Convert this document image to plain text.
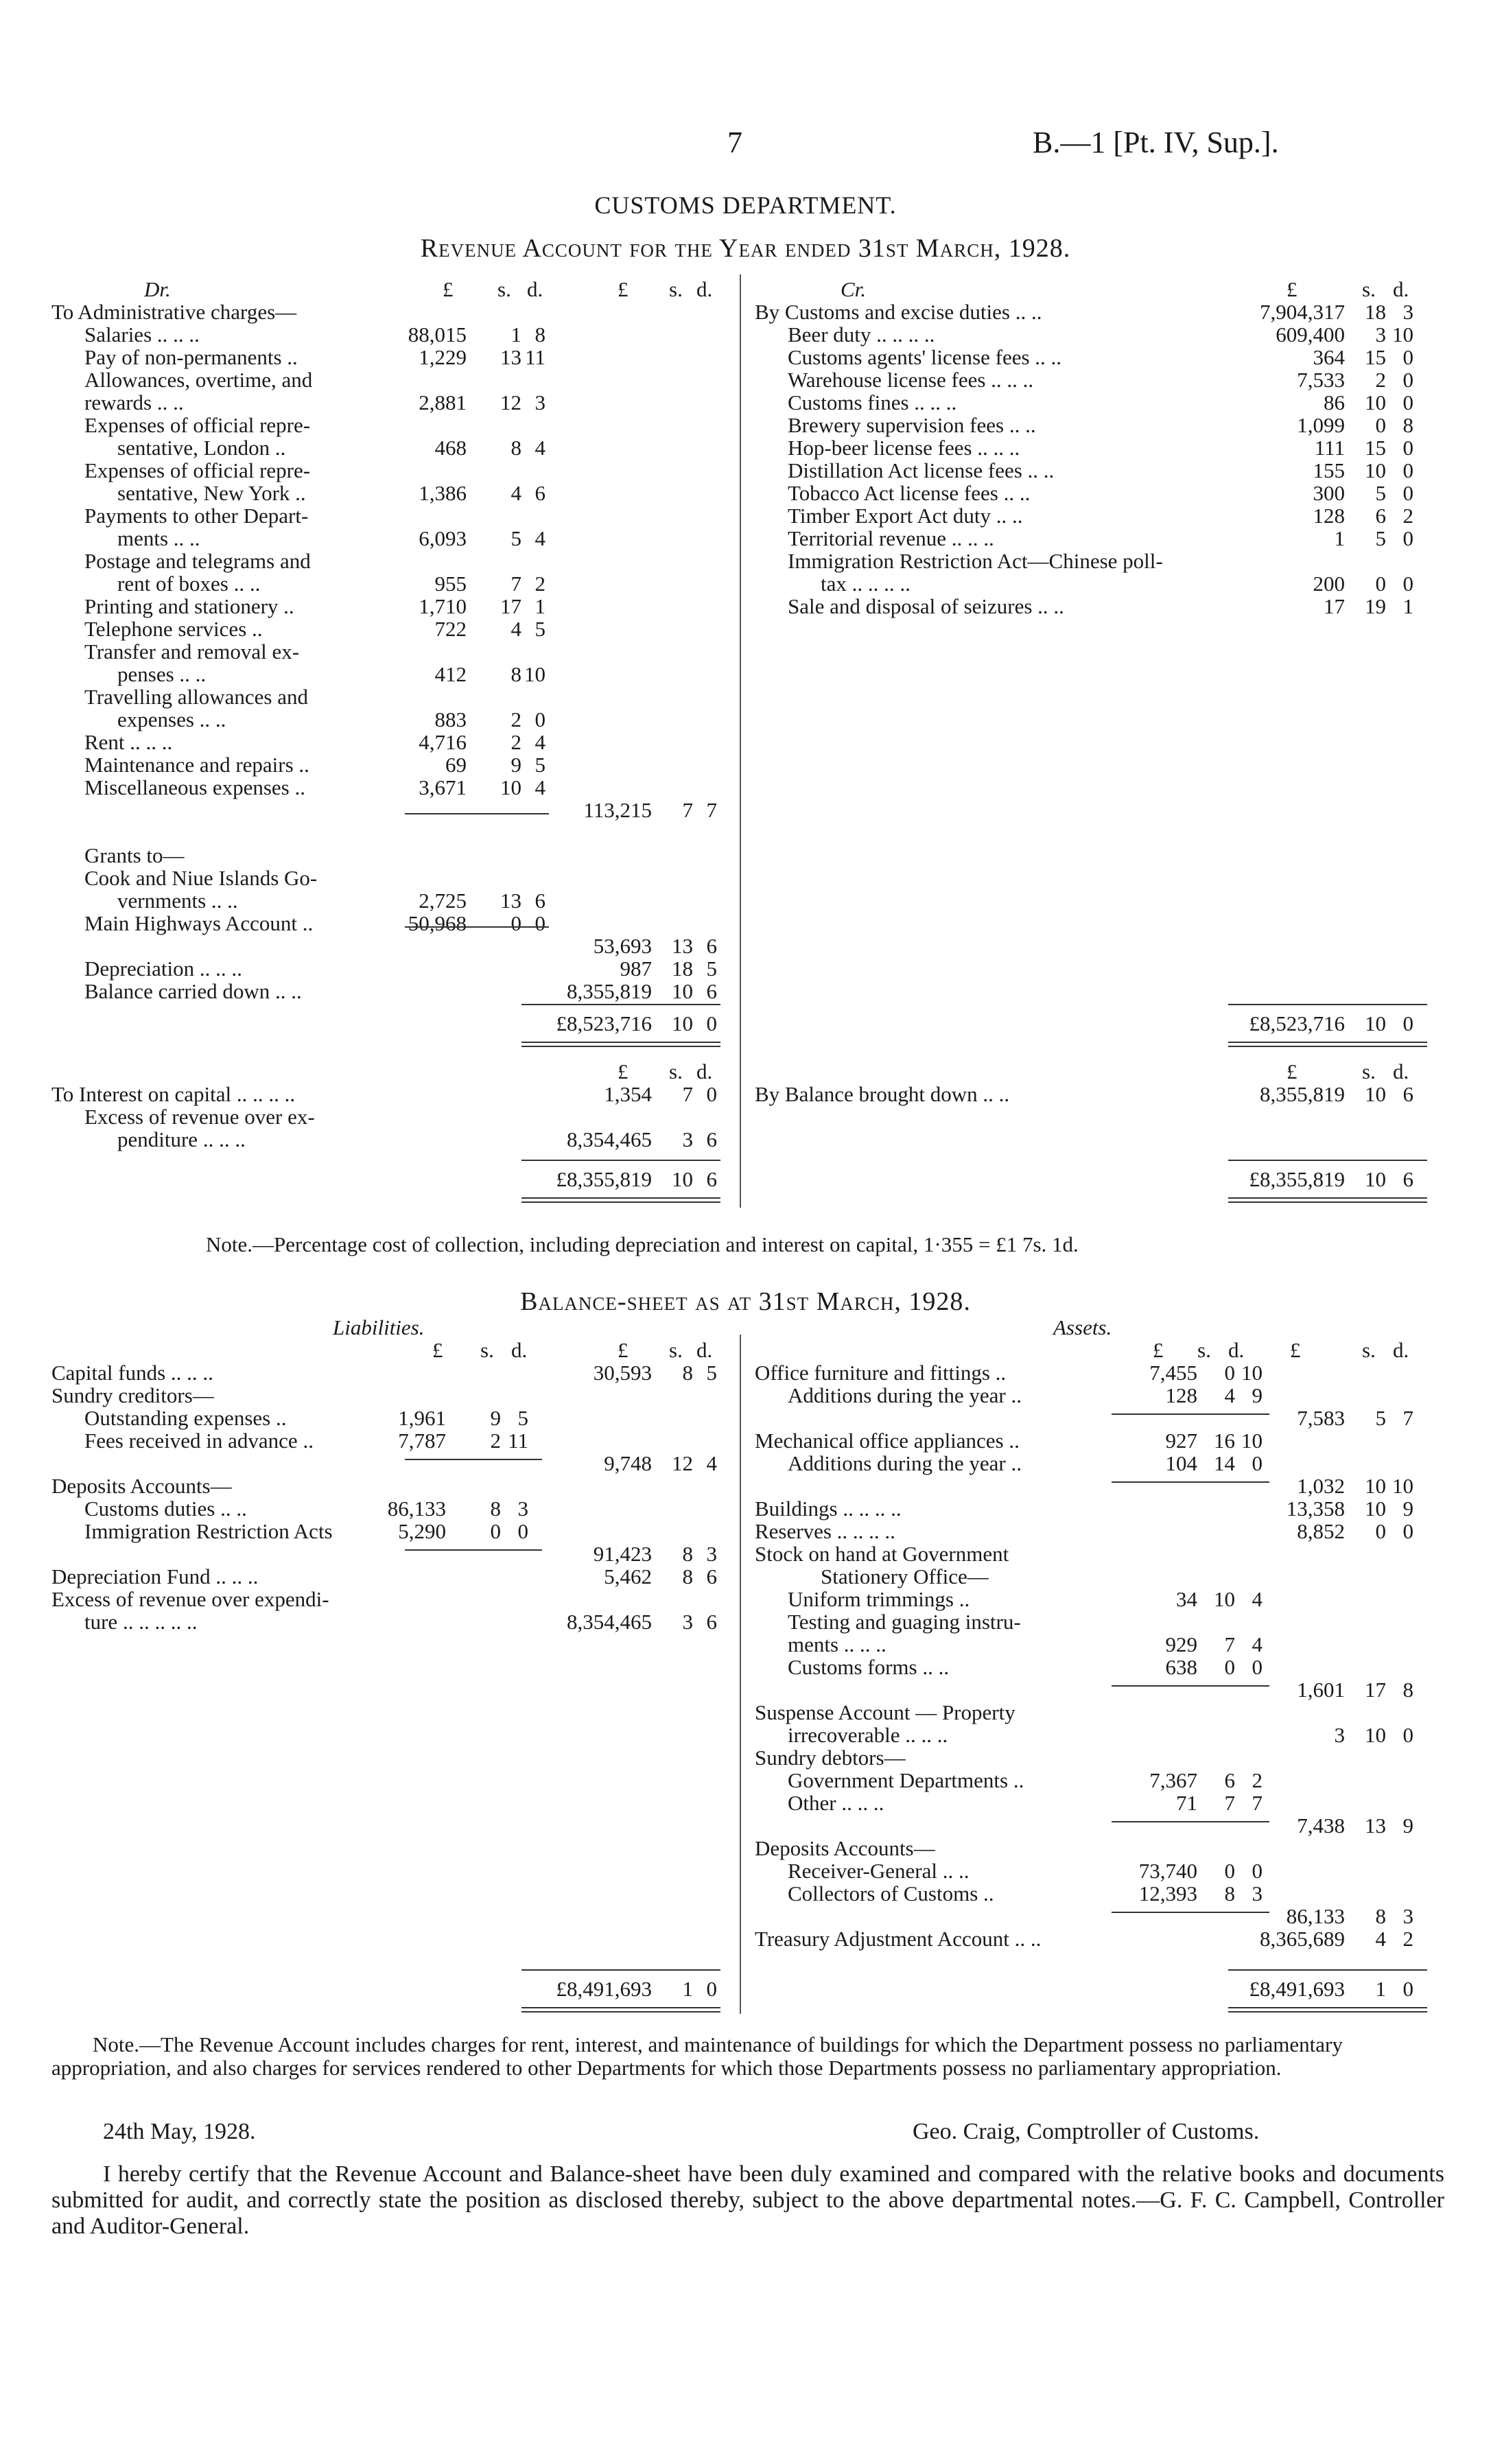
7	B.—1 [Pt. IV, Sup.].
CUSTOMS DEPARTMENT.
Revenue Account for the Year ended 31st March, 1928.
Dr.	Cr.
£ s. d.	£ s. d.	£	s. d.
To Administrative charges—
Salaries .. .. ..	88,015	1 8
Pay of non-permanents ..	1,229	13 11
Allowances, overtime, and
rewards .. ..	2,881	12 3
Expenses of official repre-
sentative, London ..	468	8 4
Expenses of official repre-
sentative, New York ..	1,386	4 6
Payments to other Depart-
ments .. ..	6,093	5 4
Postage and telegrams and
rent of boxes .. ..	955	7 2
Printing and stationery ..	1,710	17 1
Telephone services ..	722	4 5
Transfer and removal ex-
penses .. ..	412	8 10
Travelling allowances and
expenses .. ..	883	2 0
Rent .. .. ..	4,716	2 4
Maintenance and repairs ..	69	9 5
Miscellaneous expenses ..	3,671	10 4
113,215	7 7
Grants to—
Cook and Niue Islands Go-
vernments .. ..	2,725	13 6
Main Highways Account ..	50,968	0 0
53,693 13 6
Depreciation .. .. ..	987 18 5
Balance carried down .. ..	8,355,819 10 6
By Customs and excise duties .. ..	7,904,317 18 3
Beer duty .. .. .. ..	609,400	3 10
Customs agents' license fees .. ..	364 15 0
Warehouse license fees .. .. ..	7,533	2 0
Customs fines .. .. ..	86 10 0
Brewery supervision fees .. ..	1,099	0 8
Hop-beer license fees .. .. ..	111 15 0
Distillation Act license fees .. ..	155 10 0
Tobacco Act license fees .. ..	300	5 0
Timber Export Act duty .. ..	128	6 2
Territorial revenue .. .. ..	1	5 0
Immigration Restriction Act—Chinese poll-
tax .. .. .. ..	200	0 0
Sale and disposal of seizures .. ..	17 19 1
£8,523,716 10 0	£8,523,716 10 0
£ s. d.	£	s. d.
To Interest on capital .. .. .. ..	1,354	7 0
Excess of revenue over ex-
penditure .. .. ..	8,354,465	3 6
£8,355,819 10 6
By Balance brought down .. ..	8,355,819 10 6
£8,355,819 10 6
Note.—Percentage cost of collection, including depreciation and interest on capital, 1·355 = £1 7s. 1d.
Balance-sheet as at 31st March, 1928.
Liabilities.	Assets.
£ s. d.	£ s. d.	£ s. d. £	s. d.
Capital funds .. .. ..	30,593	8 5
Sundry creditors—
Outstanding expenses ..	1,961	9 5
Fees received in advance ..	7,787	2 11
9,748 12 4
Deposits Accounts—
Customs duties .. ..	86,133	8 3
Immigration Restriction Acts	5,290	0 0
91,423	8 3
Depreciation Fund .. .. ..	5,462	8 6
Excess of revenue over expendi-
ture .. .. .. .. ..	8,354,465	3 6
Office furniture and fittings ..	7,455	0 10
Additions during the year ..	128	4 9
7,583	5 7
Mechanical office appliances ..	927 16 10
Additions during the year ..	104 14 0
1,032 10 10
Buildings .. .. .. ..	13,358 10 9
Reserves .. .. .. ..	8,852	0 0
Stock on hand at Government
Stationery Office—
Uniform trimmings ..	34 10 4
Testing and guaging instru-
ments .. .. ..	929	7 4
Customs forms .. ..	638	0 0
1,601 17 8
Suspense Account — Property
irrecoverable .. .. ..	3 10 0
Sundry debtors—
Government Departments ..	7,367	6 2
Other .. .. ..	71	7 7
7,438 13 9
Deposits Accounts—
Receiver-General .. ..	73,740	0 0
Collectors of Customs ..	12,393	8 3
86,133	8 3
Treasury Adjustment Account .. ..	8,365,689	4 2
£8,491,693	1 0	£8,491,693	1 0
Note.—The Revenue Account includes charges for rent, interest, and maintenance of buildings for which the Department possess no parliamentary appropriation, and also charges for services rendered to other Departments for which those Departments possess no parliamentary appropriation.
24th May, 1928.	Geo. Craig, Comptroller of Customs.
I hereby certify that the Revenue Account and Balance-sheet have been duly examined and compared with the relative books and documents submitted for audit, and correctly state the position as disclosed thereby, subject to the above departmental notes.—G. F. C. Campbell, Controller and Auditor-General.
